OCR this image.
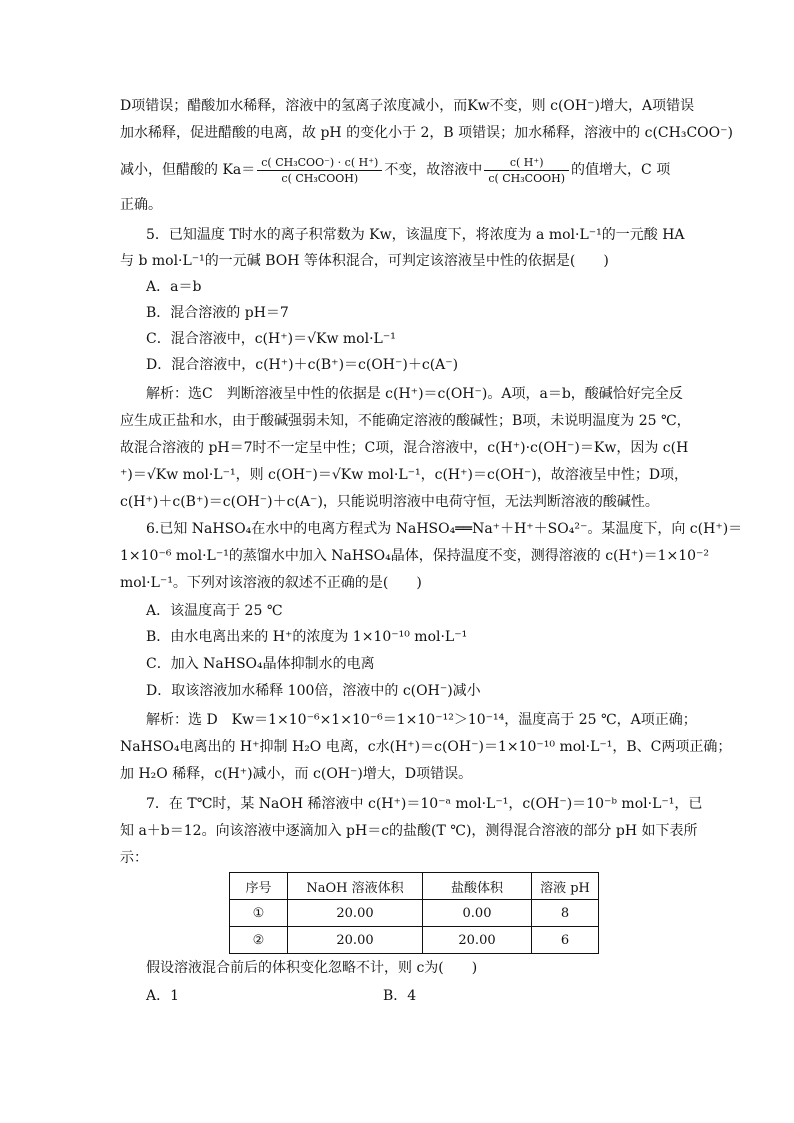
D项错误；醋酸加水稀释，溶液中的氢离子浓度减小，而Kw不变，则 c(OH⁻)增大，A项错误
加水稀释，促进醋酸的电离，故 pH 的变化小于 2，B 项错误；加水稀释，溶液中的 c(CH₃COO⁻)
减小，但醋酸的 $Ka= \frac{\text{c( CH₃COO⁻) · c( H⁺)}}{\text{c( CH₃COOH)}}$ 不变，故溶液中 $\frac{c( H^+)}{\text{c( CH₃COOH)}}$ 的值增大，C 项
正确。
5．已知温度 T时水的离子积常数为 Kw，该温度下，将浓度为 a mol·L⁻¹的一元酸 HA
与 b mol·L⁻¹的一元碱 BOH 等体积混合，可判定该溶液呈中性的依据是(　　)
A．a＝b
B．混合溶液的 pH＝7
C．混合溶液中，c(H⁺)＝√Kw mol·L⁻¹
D．混合溶液中，c(H⁺)＋c(B⁺)＝c(OH⁻)＋c(A⁻)
解析：选C　判断溶液呈中性的依据是 c(H⁺)＝c(OH⁻)。A项，a＝b，酸碱恰好完全反
应生成正盐和水，由于酸碱强弱未知，不能确定溶液的酸碱性；B项，未说明温度为 25 ℃，
故混合溶液的 pH＝7时不一定呈中性；C项，混合溶液中，c(H⁺)·c(OH⁻)＝Kw，因为 c(H
⁺)＝√Kw mol·L⁻¹，则 c(OH⁻)＝√Kw mol·L⁻¹，c(H⁺)＝c(OH⁻)，故溶液呈中性；D项，
c(H⁺)＋c(B⁺)＝c(OH⁻)＋c(A⁻)，只能说明溶液中电荷守恒，无法判断溶液的酸碱性。
6.已知 NaHSO₄在水中的电离方程式为 NaHSO₄══Na⁺＋H⁺＋SO₄²⁻。某温度下，向 c(H⁺)＝
1×10⁻⁶ mol·L⁻¹的蒸馏水中加入 NaHSO₄晶体，保持温度不变，测得溶液的 c(H⁺)＝1×10⁻²
mol·L⁻¹。下列对该溶液的叙述不正确的是(　　)
A．该温度高于 25 ℃
B．由水电离出来的 H⁺的浓度为 1×10⁻¹⁰ mol·L⁻¹
C．加入 NaHSO₄晶体抑制水的电离
D．取该溶液加水稀释 100倍，溶液中的 c(OH⁻)减小
解析：选 D　Kw＝1×10⁻⁶×1×10⁻⁶＝1×10⁻¹²＞10⁻¹⁴，温度高于 25 ℃，A项正确；
NaHSO₄电离出的 H⁺抑制 H₂O 电离，c水(H⁺)＝c(OH⁻)＝1×10⁻¹⁰ mol·L⁻¹，B、C两项正确；
加 H₂O 稀释，c(H⁺)减小，而 c(OH⁻)增大，D项错误。
7．在 T℃时，某 NaOH 稀溶液中 c(H⁺)＝10⁻ᵃ mol·L⁻¹，c(OH⁻)＝10⁻ᵇ mol·L⁻¹，已
知 a＋b＝12。向该溶液中逐滴加入 pH＝c的盐酸(T ℃)，测得混合溶液的部分 pH 如下表所
示：
序号	NaOH 溶液体积	盐酸体积	溶液 pH
①	20.00	0.00	8
②	20.00	20.00	6
假设溶液混合前后的体积变化忽略不计，则 c为(　　)
A．1	B．4
